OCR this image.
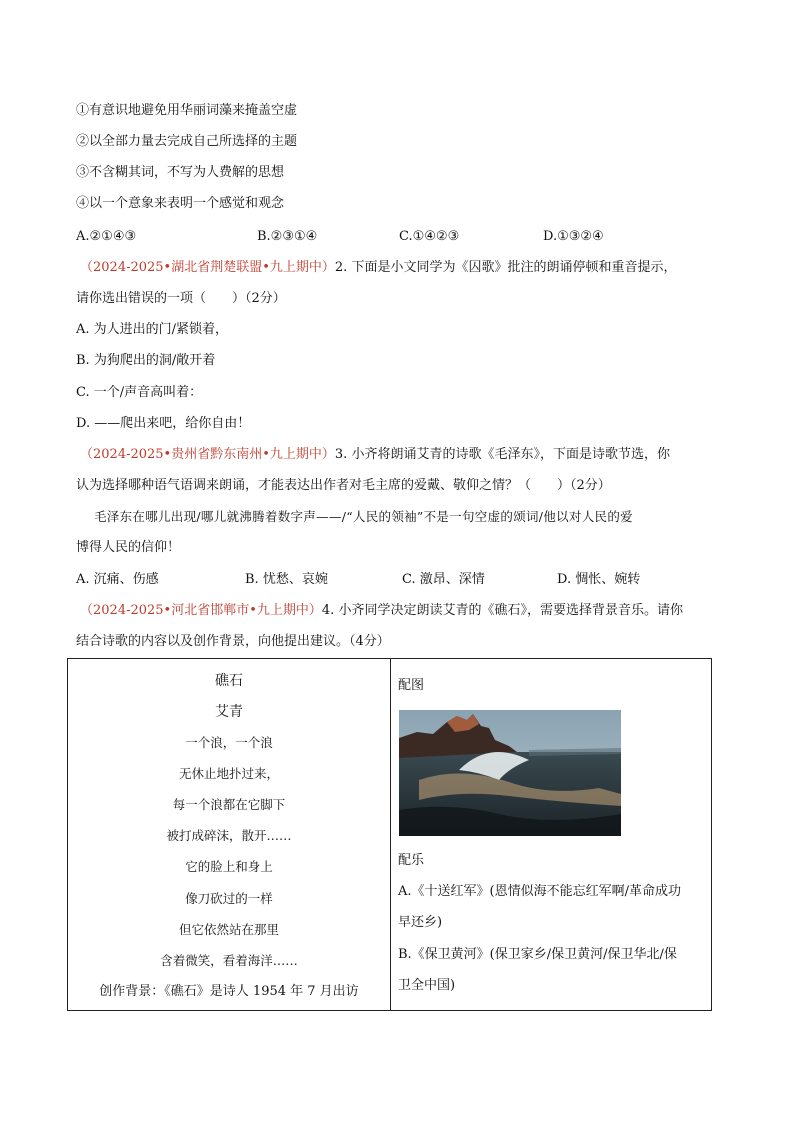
①有意识地避免用华丽词藻来掩盖空虚
②以全部力量去完成自己所选择的主题
③不含糊其词，不写为人费解的思想
④以一个意象来表明一个感觉和观念
A.②①④③	B.②③①④	C.①④②③	D.①③②④
（2024-2025•湖北省荆楚联盟•九上期中）2. 下面是小文同学为《囚歌》批注的朗诵停顿和重音提示，
请你选出错误的一项（　　）（2分）
A. 为人进出的门/紧锁着，
B. 为狗爬出的洞/敞开着
C. 一个/声音高叫着：
D. ——爬出来吧，给你自由！
（2024-2025•贵州省黔东南州•九上期中）3. 小齐将朗诵艾青的诗歌《毛泽东》，下面是诗歌节选，你
认为选择哪种语气语调来朗诵，才能表达出作者对毛主席的爱戴、敬仰之情？（　　）（2分）
毛泽东在哪儿出现/哪儿就沸腾着数字声——/“人民的领袖”不是一句空虚的颂词/他以对人民的爱
博得人民的信仰！
A. 沉痛、伤感	B. 忧愁、哀婉	C. 激昂、深情	D. 惆怅、婉转
（2024-2025•河北省邯郸市•九上期中）4. 小齐同学决定朗读艾青的《礁石》，需要选择背景音乐。请你
结合诗歌的内容以及创作背景，向他提出建议。（4分）
礁石
艾青
一个浪，一个浪
无休止地扑过来，
每一个浪都在它脚下
被打成碎沫，散开……
它的脸上和身上
像刀砍过的一样
但它依然站在那里
含着微笑，看着海洋……
创作背景：《礁石》是诗人 1954 年 7 月出访

配图
配乐
A.《十送红军》(恩情似海不能忘红军啊/革命成功
早还乡)
B.《保卫黄河》(保卫家乡/保卫黄河/保卫华北/保
卫全中国)
